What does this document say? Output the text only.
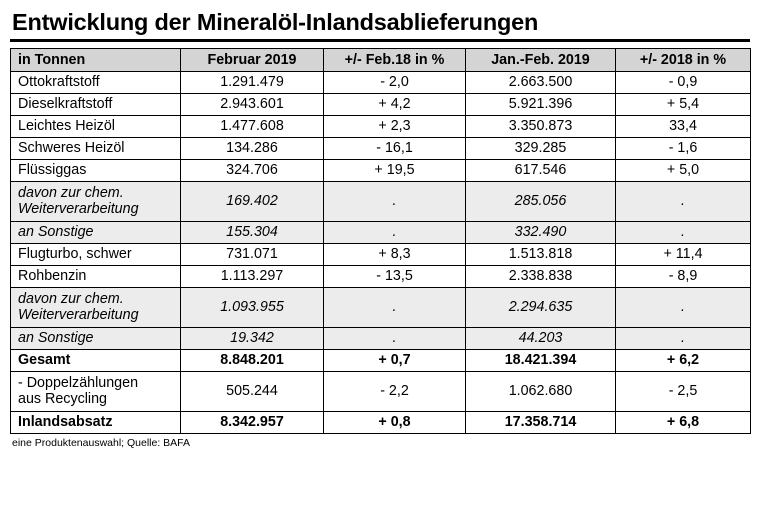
Entwicklung der Mineralöl-Inlandsablieferungen
in Tonnen	Februar 2019	+/- Feb.18 in %	Jan.-Feb. 2019	+/- 2018 in %
Ottokraftstoff	1.291.479	- 2,0	2.663.500	- 0,9
Dieselkraftstoff	2.943.601	+ 4,2	5.921.396	+ 5,4
Leichtes Heizöl	1.477.608	+ 2,3	3.350.873	33,4
Schweres Heizöl	134.286	- 16,1	329.285	- 1,6
Flüssiggas	324.706	+ 19,5	617.546	+ 5,0

davon zur chem.
Weiterverarbeitung	169.402	.	285.056	.
an Sonstige	155.304	.	332.490	.
Flugturbo, schwer	731.071	+ 8,3	1.513.818	+ 11,4
Rohbenzin	1.113.297	- 13,5	2.338.838	- 8,9

davon zur chem.
Weiterverarbeitung	1.093.955	.	2.294.635	.
an Sonstige	19.342	.	44.203	.
Gesamt	8.848.201	+ 0,7	18.421.394	+ 6,2

- Doppelzählungen
aus Recycling	505.244	- 2,2	1.062.680	- 2,5
Inlandsabsatz	8.342.957	+ 0,8	17.358.714	+ 6,8
eine Produktenauswahl; Quelle: BAFA
